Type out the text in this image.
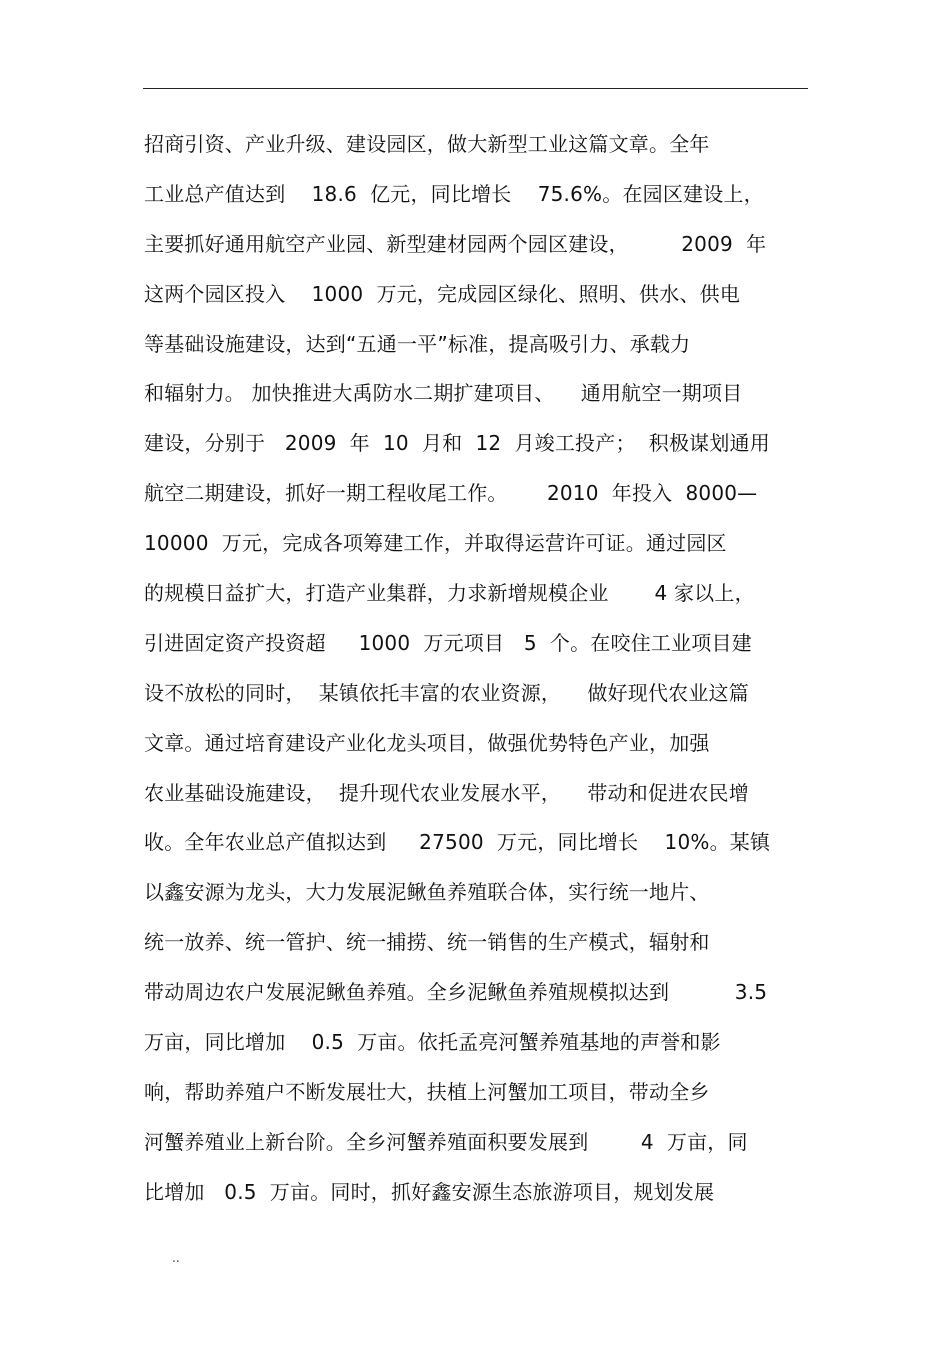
招商引资、产业升级、建设园区，做大新型工业这篇文章。全年
工业总产值达到    18.6  亿元，同比增长    75.6%。在园区建设上，
主要抓好通用航空产业园、新型建材园两个园区建设，        2009  年
这两个园区投入    1000  万元，完成园区绿化、照明、供水、供电
等基础设施建设，达到“五通一平”标准，提高吸引力、承载力
和辐射力。 加快推进大禹防水二期扩建项目、    通用航空一期项目
建设，分别于   2009  年  10  月和  12  月竣工投产；  积极谋划通用
航空二期建设，抓好一期工程收尾工作。      2010  年投入  8000—
10000  万元，完成各项筹建工作，并取得运营许可证。通过园区
的规模日益扩大，打造产业集群，力求新增规模企业       4 家以上，
引进固定资产投资超     1000  万元项目   5  个。在咬住工业项目建
设不放松的同时，  某镇依托丰富的农业资源，    做好现代农业这篇
文章。通过培育建设产业化龙头项目，做强优势特色产业，加强
农业基础设施建设，  提升现代农业发展水平，    带动和促进农民增
收。全年农业总产值拟达到     27500  万元，同比增长    10%。某镇
以鑫安源为龙头，大力发展泥鳅鱼养殖联合体，实行统一地片、
统一放养、统一管护、统一捕捞、统一销售的生产模式，辐射和
带动周边农户发展泥鳅鱼养殖。全乡泥鳅鱼养殖规模拟达到          3.5
万亩，同比增加    0.5  万亩。依托孟亮河蟹养殖基地的声誉和影
响，帮助养殖户不断发展壮大，扶植上河蟹加工项目，带动全乡
河蟹养殖业上新台阶。全乡河蟹养殖面积要发展到        4  万亩，同
比增加   0.5  万亩。同时，抓好鑫安源生态旅游项目，规划发展
..
